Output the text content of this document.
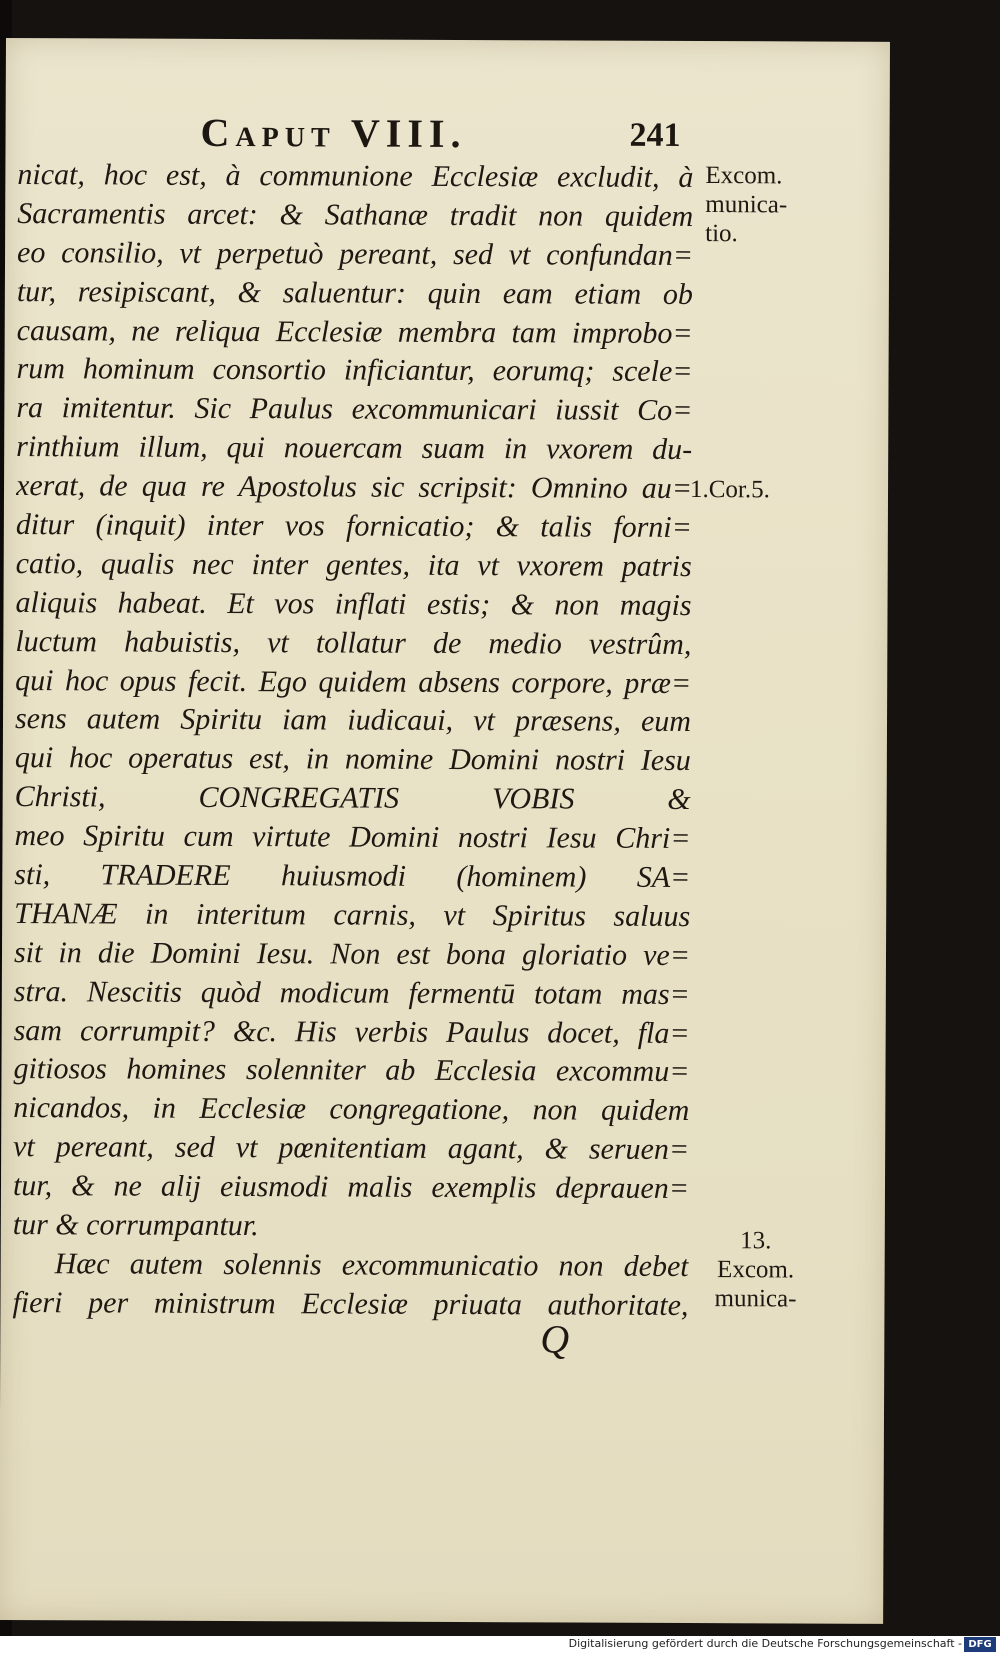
Caput VIII.	241
nicat, hoc est, à communione Ecclesiæ excludit, à
Sacramentis arcet: & Sathanæ tradit non quidem
eo consilio, vt perpetuò pereant, sed vt confundan=
tur, resipiscant, & saluentur: quin eam etiam ob
causam, ne reliqua Ecclesiæ membra tam improbo=
rum hominum consortio inficiantur, eorumq; scele=
ra imitentur. Sic Paulus excommunicari iussit Co=
rinthium illum, qui nouercam suam in vxorem du-
xerat, de qua re Apostolus sic scripsit: Omnino au=
ditur (inquit) inter vos fornicatio; & talis forni=
catio, qualis nec inter gentes, ita vt vxorem patris
aliquis habeat. Et vos inflati estis; & non magis
luctum habuistis, vt tollatur de medio vestrûm,
qui hoc opus fecit. Ego quidem absens corpore, præ=
sens autem Spiritu iam iudicaui, vt præsens, eum
qui hoc operatus est, in nomine Domini nostri Iesu
Christi, CONGREGATIS VOBIS &
meo Spiritu cum virtute Domini nostri Iesu Chri=
sti, TRADERE huiusmodi (hominem) SA=
THANÆ in interitum carnis, vt Spiritus saluus
sit in die Domini Iesu. Non est bona gloriatio ve=
stra. Nescitis quòd modicum fermentū totam mas=
sam corrumpit? &c. His verbis Paulus docet, fla=
gitiosos homines solenniter ab Ecclesia excommu=
nicandos, in Ecclesiæ congregatione, non quidem
vt pereant, sed vt pœnitentiam agant, & seruen=
tur, & ne alij eiusmodi malis exemplis deprauen=
tur & corrumpantur.
Hæc autem solennis excommunicatio non debet
fieri per ministrum Ecclesiæ priuata authoritate,
Excom.
munica-
tio.
1.Cor.5.
13.
Excom.
munica-
Q
Digitalisierung gefördert durch die Deutsche Forschungsgemeinschaft - DFG
